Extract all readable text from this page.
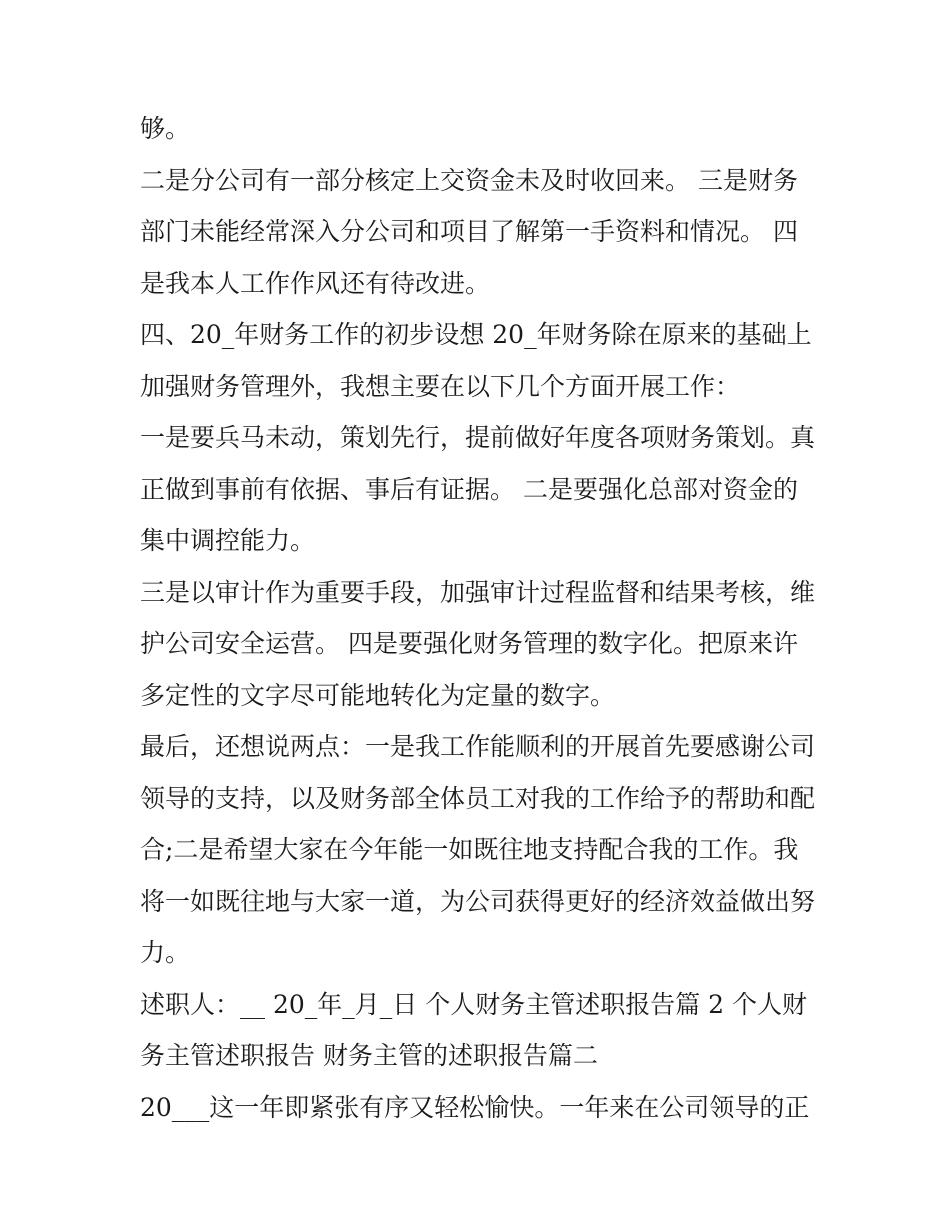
够。
二是分公司有一部分核定上交资金未及时收回来。 三是财务
部门未能经常深入分公司和项目了解第一手资料和情况。 四
是我本人工作作风还有待改进。
四、20_年财务工作的初步设想 20_年财务除在原来的基础上
加强财务管理外，我想主要在以下几个方面开展工作：
一是要兵马未动，策划先行，提前做好年度各项财务策划。真
正做到事前有依据、事后有证据。 二是要强化总部对资金的
集中调控能力。
三是以审计作为重要手段，加强审计过程监督和结果考核，维
护公司安全运营。 四是要强化财务管理的数字化。把原来许
多定性的文字尽可能地转化为定量的数字。
最后，还想说两点：一是我工作能顺利的开展首先要感谢公司
领导的支持，以及财务部全体员工对我的工作给予的帮助和配
合;二是希望大家在今年能一如既往地支持配合我的工作。我
将一如既往地与大家一道，为公司获得更好的经济效益做出努
力。
述职人：__ 20_年_月_日 个人财务主管述职报告篇 2 个人财
务主管述职报告 财务主管的述职报告篇二
20___这一年即紧张有序又轻松愉快。一年来在公司领导的正
